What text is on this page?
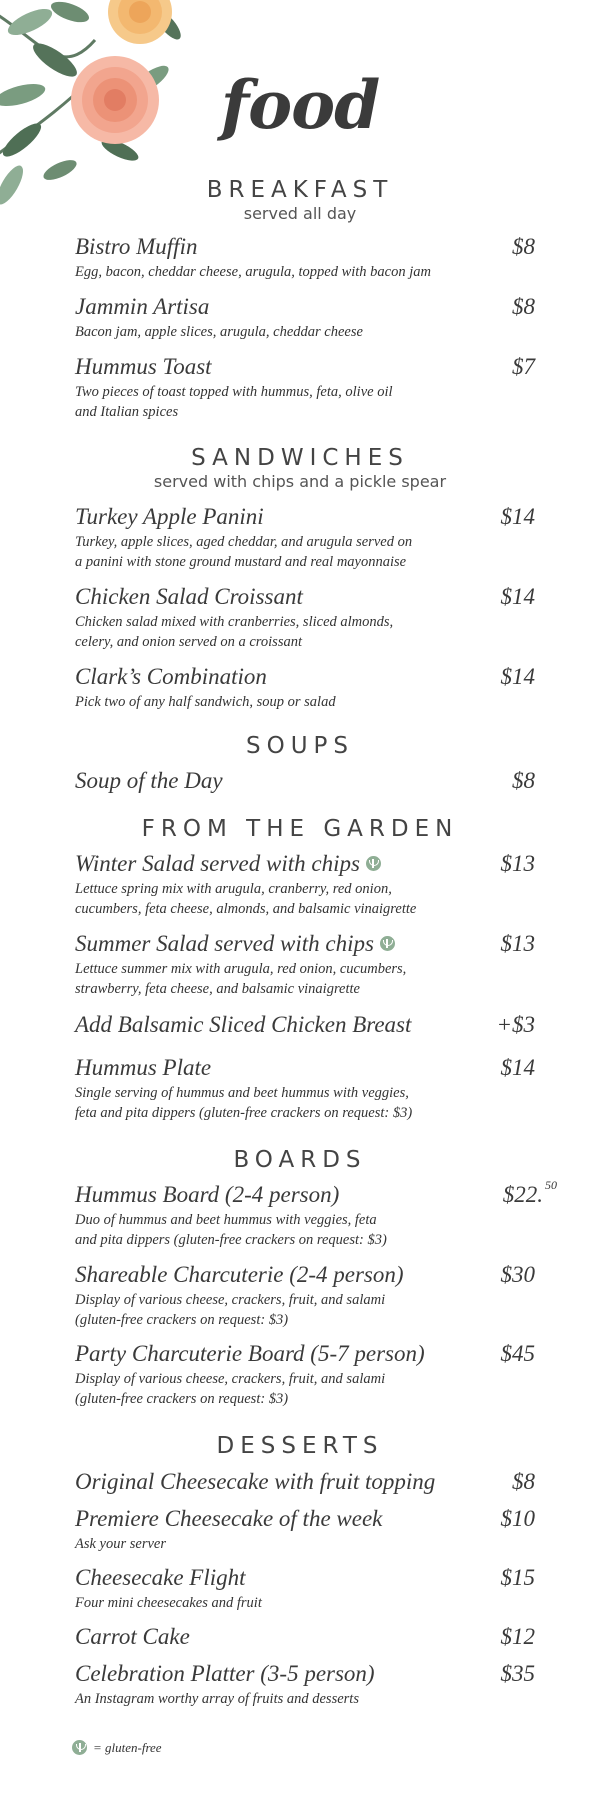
food
BREAKFAST
served all day
Bistro Muffin	$8
Egg, bacon, cheddar cheese, arugula, topped with bacon jam
Jammin Artisa	$8
Bacon jam, apple slices, arugula, cheddar cheese
Hummus Toast	$7
Two pieces of toast topped with hummus, feta, olive oil
and Italian spices
SANDWICHES
served with chips and a pickle spear
Turkey Apple Panini	$14
Turkey, apple slices, aged cheddar, and arugula served on
a panini with stone ground mustard and real mayonnaise
Chicken Salad Croissant	$14
Chicken salad mixed with cranberries, sliced almonds,
celery, and onion served on a croissant
Clark’s Combination	$14
Pick two of any half sandwich, soup or salad
SOUPS
Soup of the Day	$8
FROM THE GARDEN
Winter Salad served with chips	$13
Lettuce spring mix with arugula, cranberry, red onion,
cucumbers, feta cheese, almonds, and balsamic vinaigrette
Summer Salad served with chips	$13
Lettuce summer mix with arugula, red onion, cucumbers,
strawberry, feta cheese, and balsamic vinaigrette
Add Balsamic Sliced Chicken Breast	+$3
Hummus Plate	$14
Single serving of hummus and beet hummus with veggies,
feta and pita dippers (gluten-free crackers on request: $3)
BOARDS
Hummus Board (2-4 person)	$22. $^{50}$
Duo of hummus and beet hummus with veggies, feta
and pita dippers (gluten-free crackers on request: $3)
Shareable Charcuterie (2-4 person)	$30
Display of various cheese, crackers, fruit, and salami
(gluten-free crackers on request: $3)
Party Charcuterie Board (5-7 person)	$45
Display of various cheese, crackers, fruit, and salami
(gluten-free crackers on request: $3)
DESSERTS
Original Cheesecake with fruit topping	$8
Premiere Cheesecake of the week	$10
Ask your server
Cheesecake Flight	$15
Four mini cheesecakes and fruit
Carrot Cake	$12
Celebration Platter (3-5 person)	$35
An Instagram worthy array of fruits and desserts
= gluten-free
